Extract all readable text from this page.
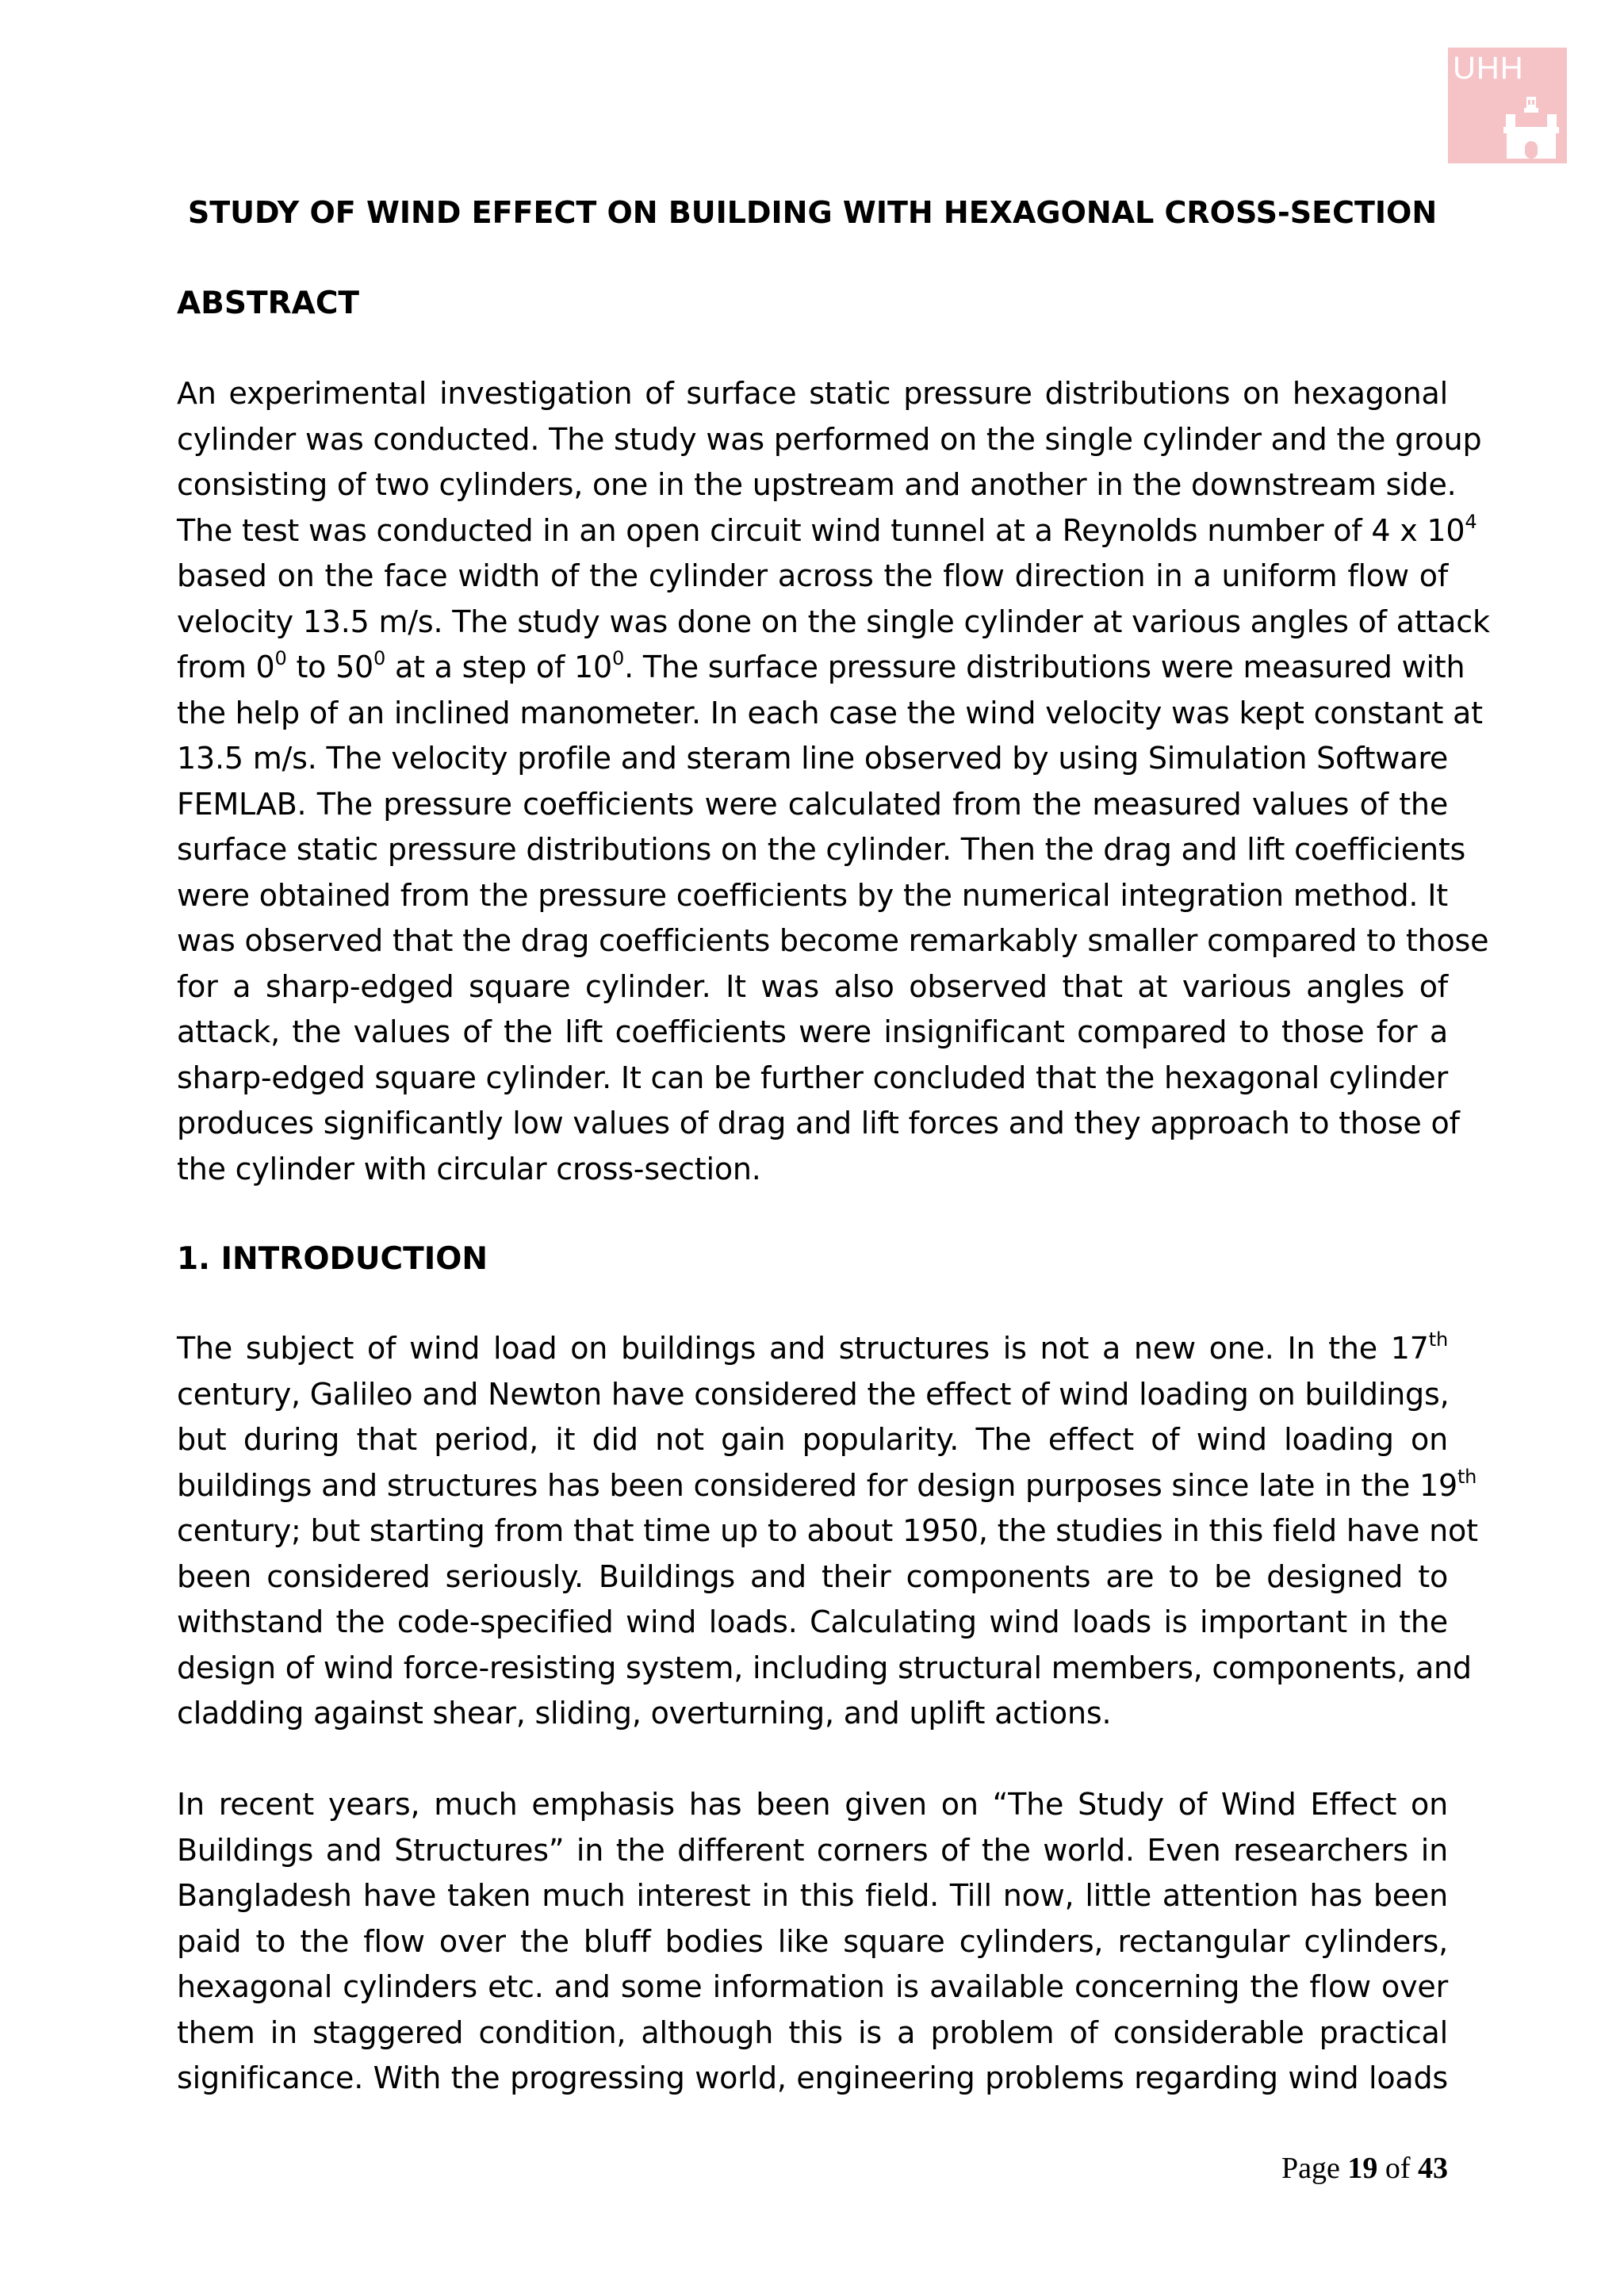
UHH
STUDY OF WIND EFFECT ON BUILDING WITH HEXAGONAL CROSS-SECTION
ABSTRACT
An experimental investigation of surface static pressure distributions on hexagonal
cylinder was conducted. The study was performed on the single cylinder and the group
consisting of two cylinders, one in the upstream and another in the downstream side.
The test was conducted in an open circuit wind tunnel at a Reynolds number of 4 x $10^4$
based on the face width of the cylinder across the flow direction in a uniform flow of
velocity 13.5 m/s. The study was done on the single cylinder at various angles of attack
from $0^0$ to $50^0$ at a step of $10^0$. The surface pressure distributions were measured with
the help of an inclined manometer. In each case the wind velocity was kept constant at
13.5 m/s. The velocity profile and steram line observed by using Simulation Software
FEMLAB. The pressure coefficients were calculated from the measured values of the
surface static pressure distributions on the cylinder. Then the drag and lift coefficients
were obtained from the pressure coefficients by the numerical integration method. It
was observed that the drag coefficients become remarkably smaller compared to those
for a sharp-edged square cylinder. It was also observed that at various angles of
attack, the values of the lift coefficients were insignificant compared to those for a
sharp-edged square cylinder. It can be further concluded that the hexagonal cylinder
produces significantly low values of drag and lift forces and they approach to those of
the cylinder with circular cross-section.
1. INTRODUCTION
The subject of wind load on buildings and structures is not a new one. In the 17th
century, Galileo and Newton have considered the effect of wind loading on buildings,
but during that period, it did not gain popularity. The effect of wind loading on
buildings and structures has been considered for design purposes since late in the 19th
century; but starting from that time up to about 1950, the studies in this field have not
been considered seriously. Buildings and their components are to be designed to
withstand the code-specified wind loads. Calculating wind loads is important in the
design of wind force-resisting system, including structural members, components, and
cladding against shear, sliding, overturning, and uplift actions.
In recent years, much emphasis has been given on “The Study of Wind Effect on
Buildings and Structures” in the different corners of the world. Even researchers in
Bangladesh have taken much interest in this field. Till now, little attention has been
paid to the flow over the bluff bodies like square cylinders, rectangular cylinders,
hexagonal cylinders etc. and some information is available concerning the flow over
them in staggered condition, although this is a problem of considerable practical
significance. With the progressing world, engineering problems regarding wind loads
Page 19 of 43
